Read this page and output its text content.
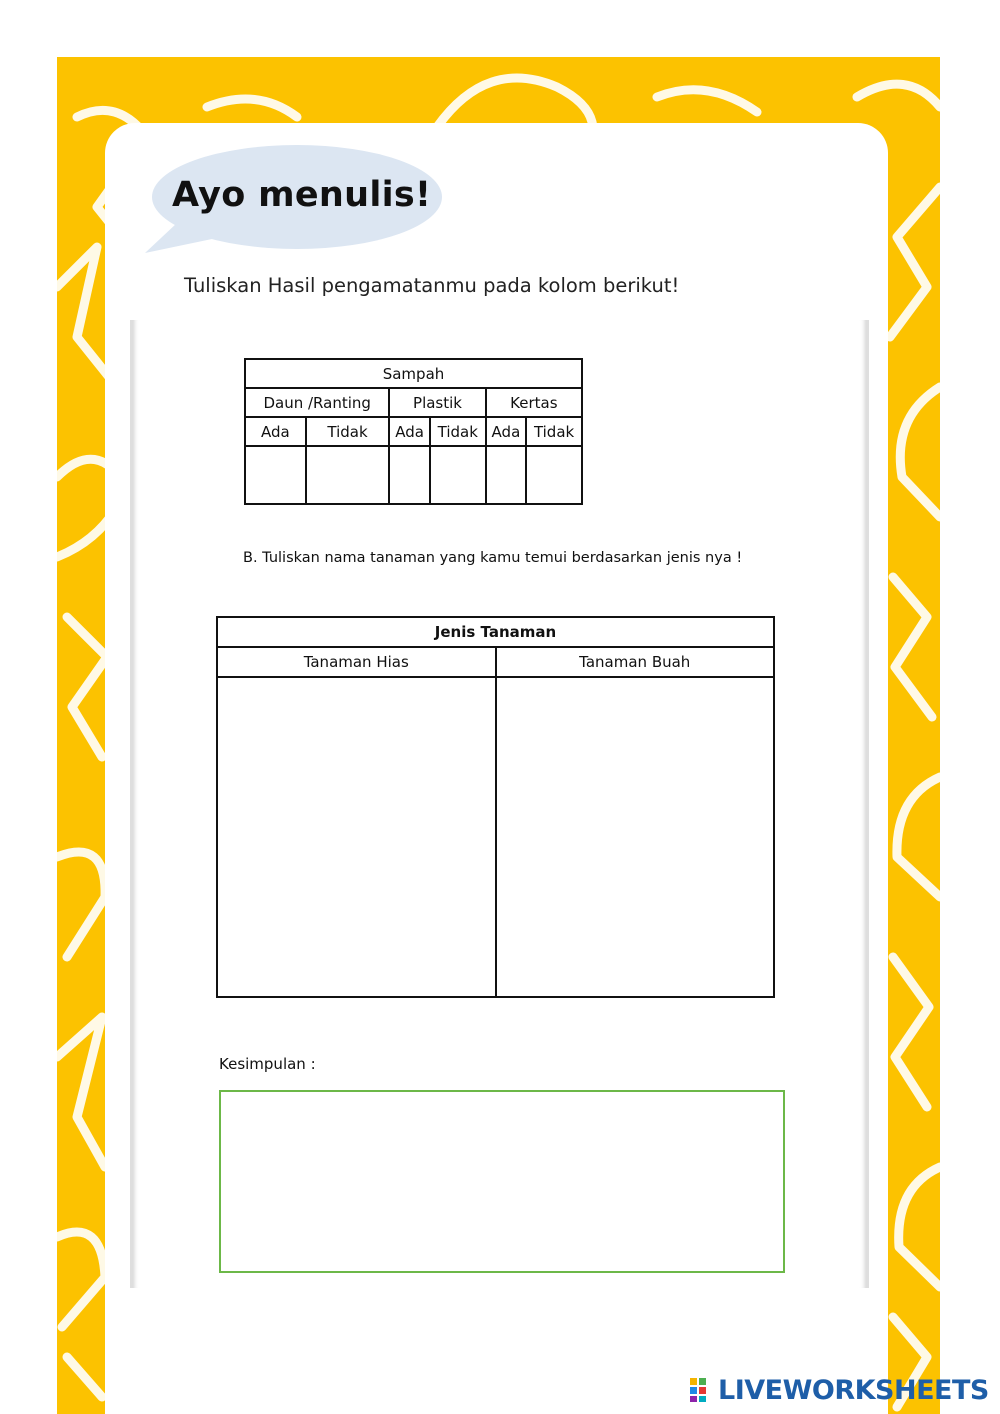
Ayo menulis!
Tuliskan Hasil pengamatanmu pada kolom berikut!
Sampah					
Daun /Ranting		Plastik		Kertas	
Ada	Tidak	Ada	Tidak	Ada	Tidak

B. Tuliskan nama tanaman yang kamu temui berdasarkan jenis nya !
Jenis Tanaman	
Tanaman Hias	Tanaman Buah

Kesimpulan :
LIVEWORKSHEETS
